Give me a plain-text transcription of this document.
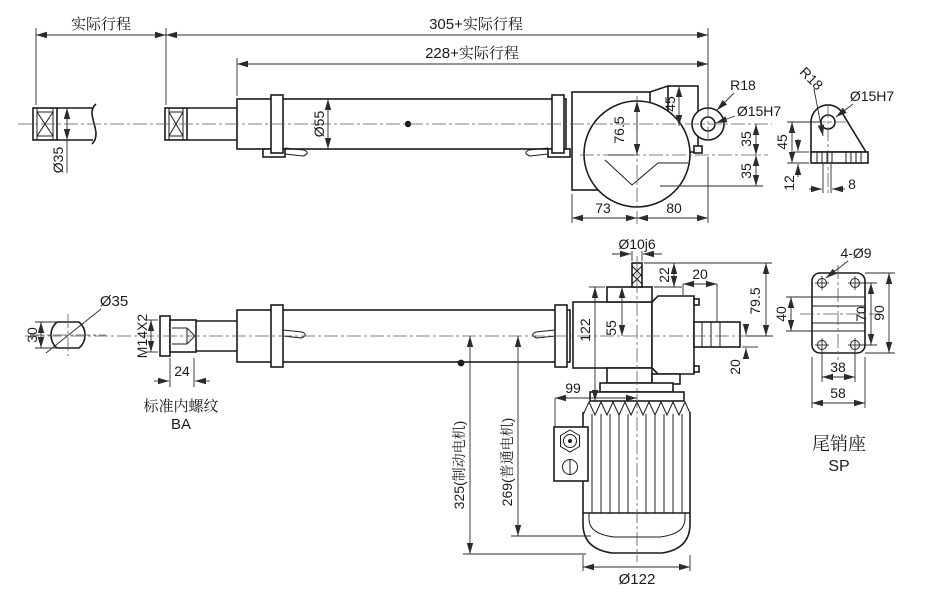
实际行程	305+实际行程
228+实际行程
Ø35
Ø55
45
76.5	35
35
73	80
R18
Ø15H7
45
12	8
R18
Ø15H7
Ø35
30	M14X2
24
标准内螺纹
BA
Ø10j6
22 20
79.5
20
55
122
99
325(制动电机) 269(普通电机)
Ø122
4-Ø9
40	70 90
38
58
尾销座
SP
